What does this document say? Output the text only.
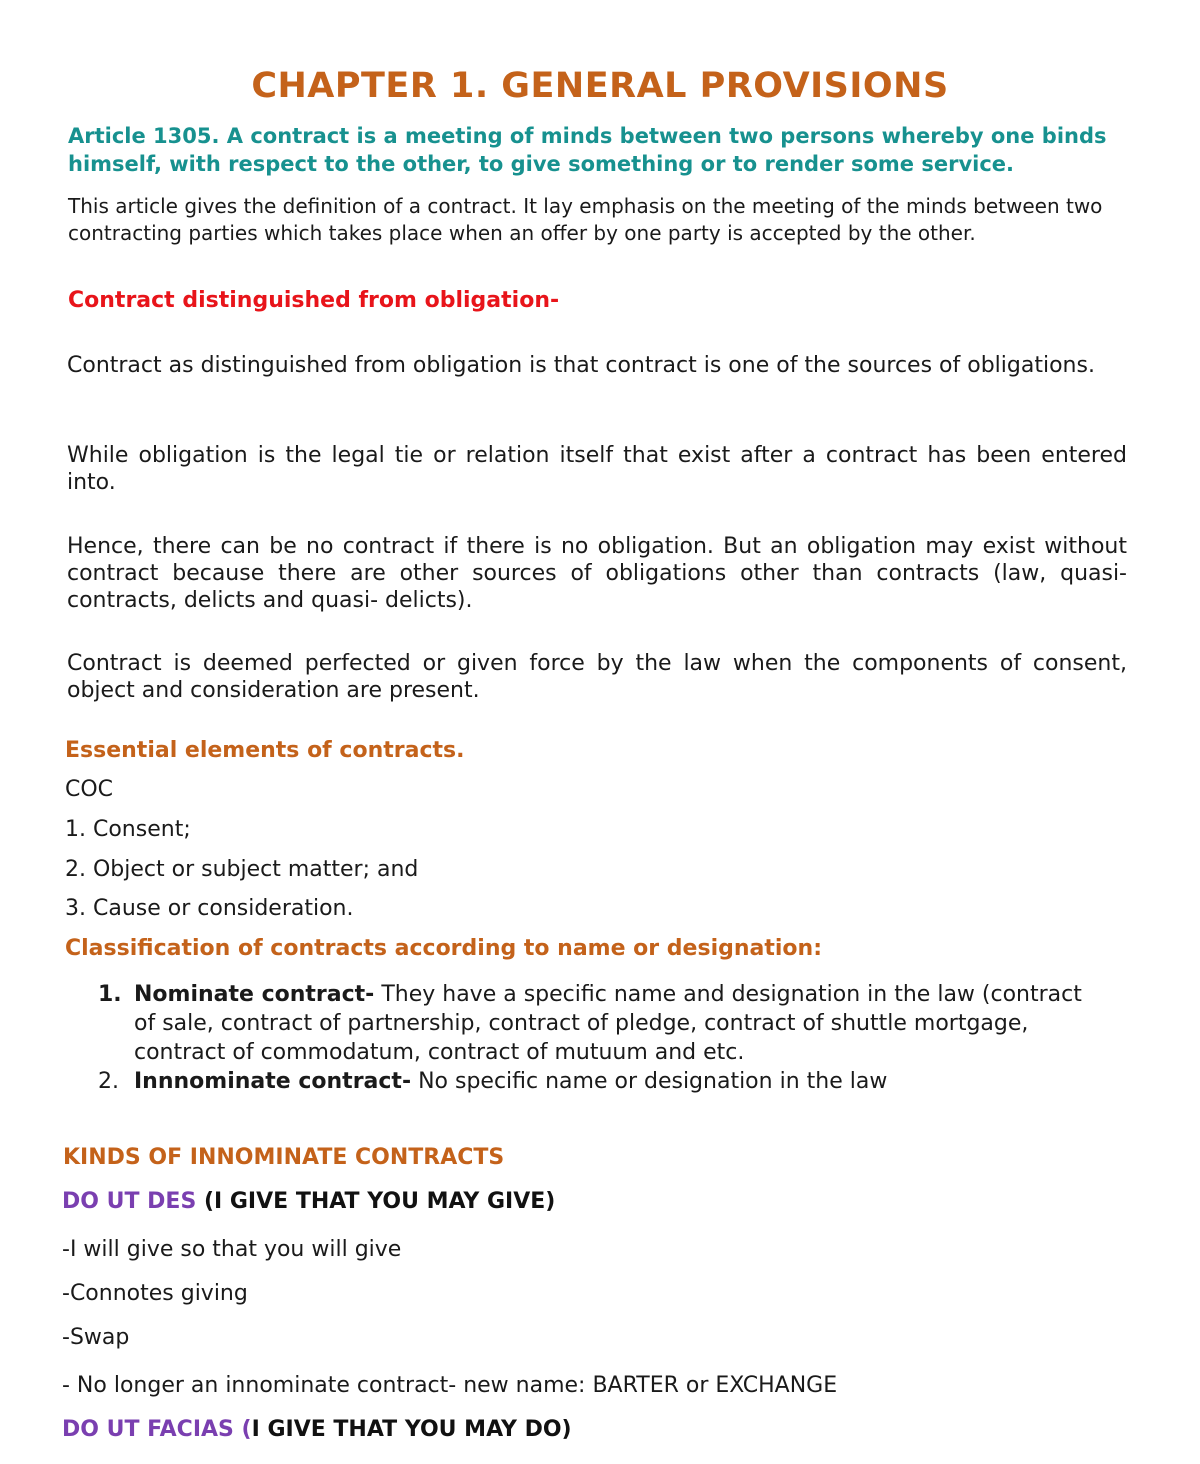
CHAPTER 1. GENERAL PROVISIONS

Article 1305. A contract is a meeting of minds between two persons whereby one binds himself, with respect to the other, to give something or to render some service.

This article gives the definition of a contract. It lay emphasis on the meeting of the minds between two contracting parties which takes place when an offer by one party is accepted by the other.

Contract distinguished from obligation-

Contract as distinguished from obligation is that contract is one of the sources of obligations.

While obligation is the legal tie or relation itself that exist after a contract has been entered into.

Hence, there can be no contract if there is no obligation. But an obligation may exist without contract because there are other sources of obligations other than contracts (law, quasi-contracts, delicts and quasi- delicts).

Contract is deemed perfected or given force by the law when the components of consent, object and consideration are present.

Essential elements of contracts.
COC
1. Consent;
2. Object or subject matter; and
3. Cause or consideration.
Classification of contracts according to name or designation:
1. Nominate contract- They have a specific name and designation in the law (contract of sale, contract of partnership, contract of pledge, contract of shuttle mortgage, contract of commodatum, contract of mutuum and etc.
2. Innnominate contract- No specific name or designation in the law
KINDS OF INNOMINATE CONTRACTS
DO UT DES (I GIVE THAT YOU MAY GIVE)
-I will give so that you will give
-Connotes giving
-Swap
- No longer an innominate contract- new name: BARTER or EXCHANGE
DO UT FACIAS (I GIVE THAT YOU MAY DO)
